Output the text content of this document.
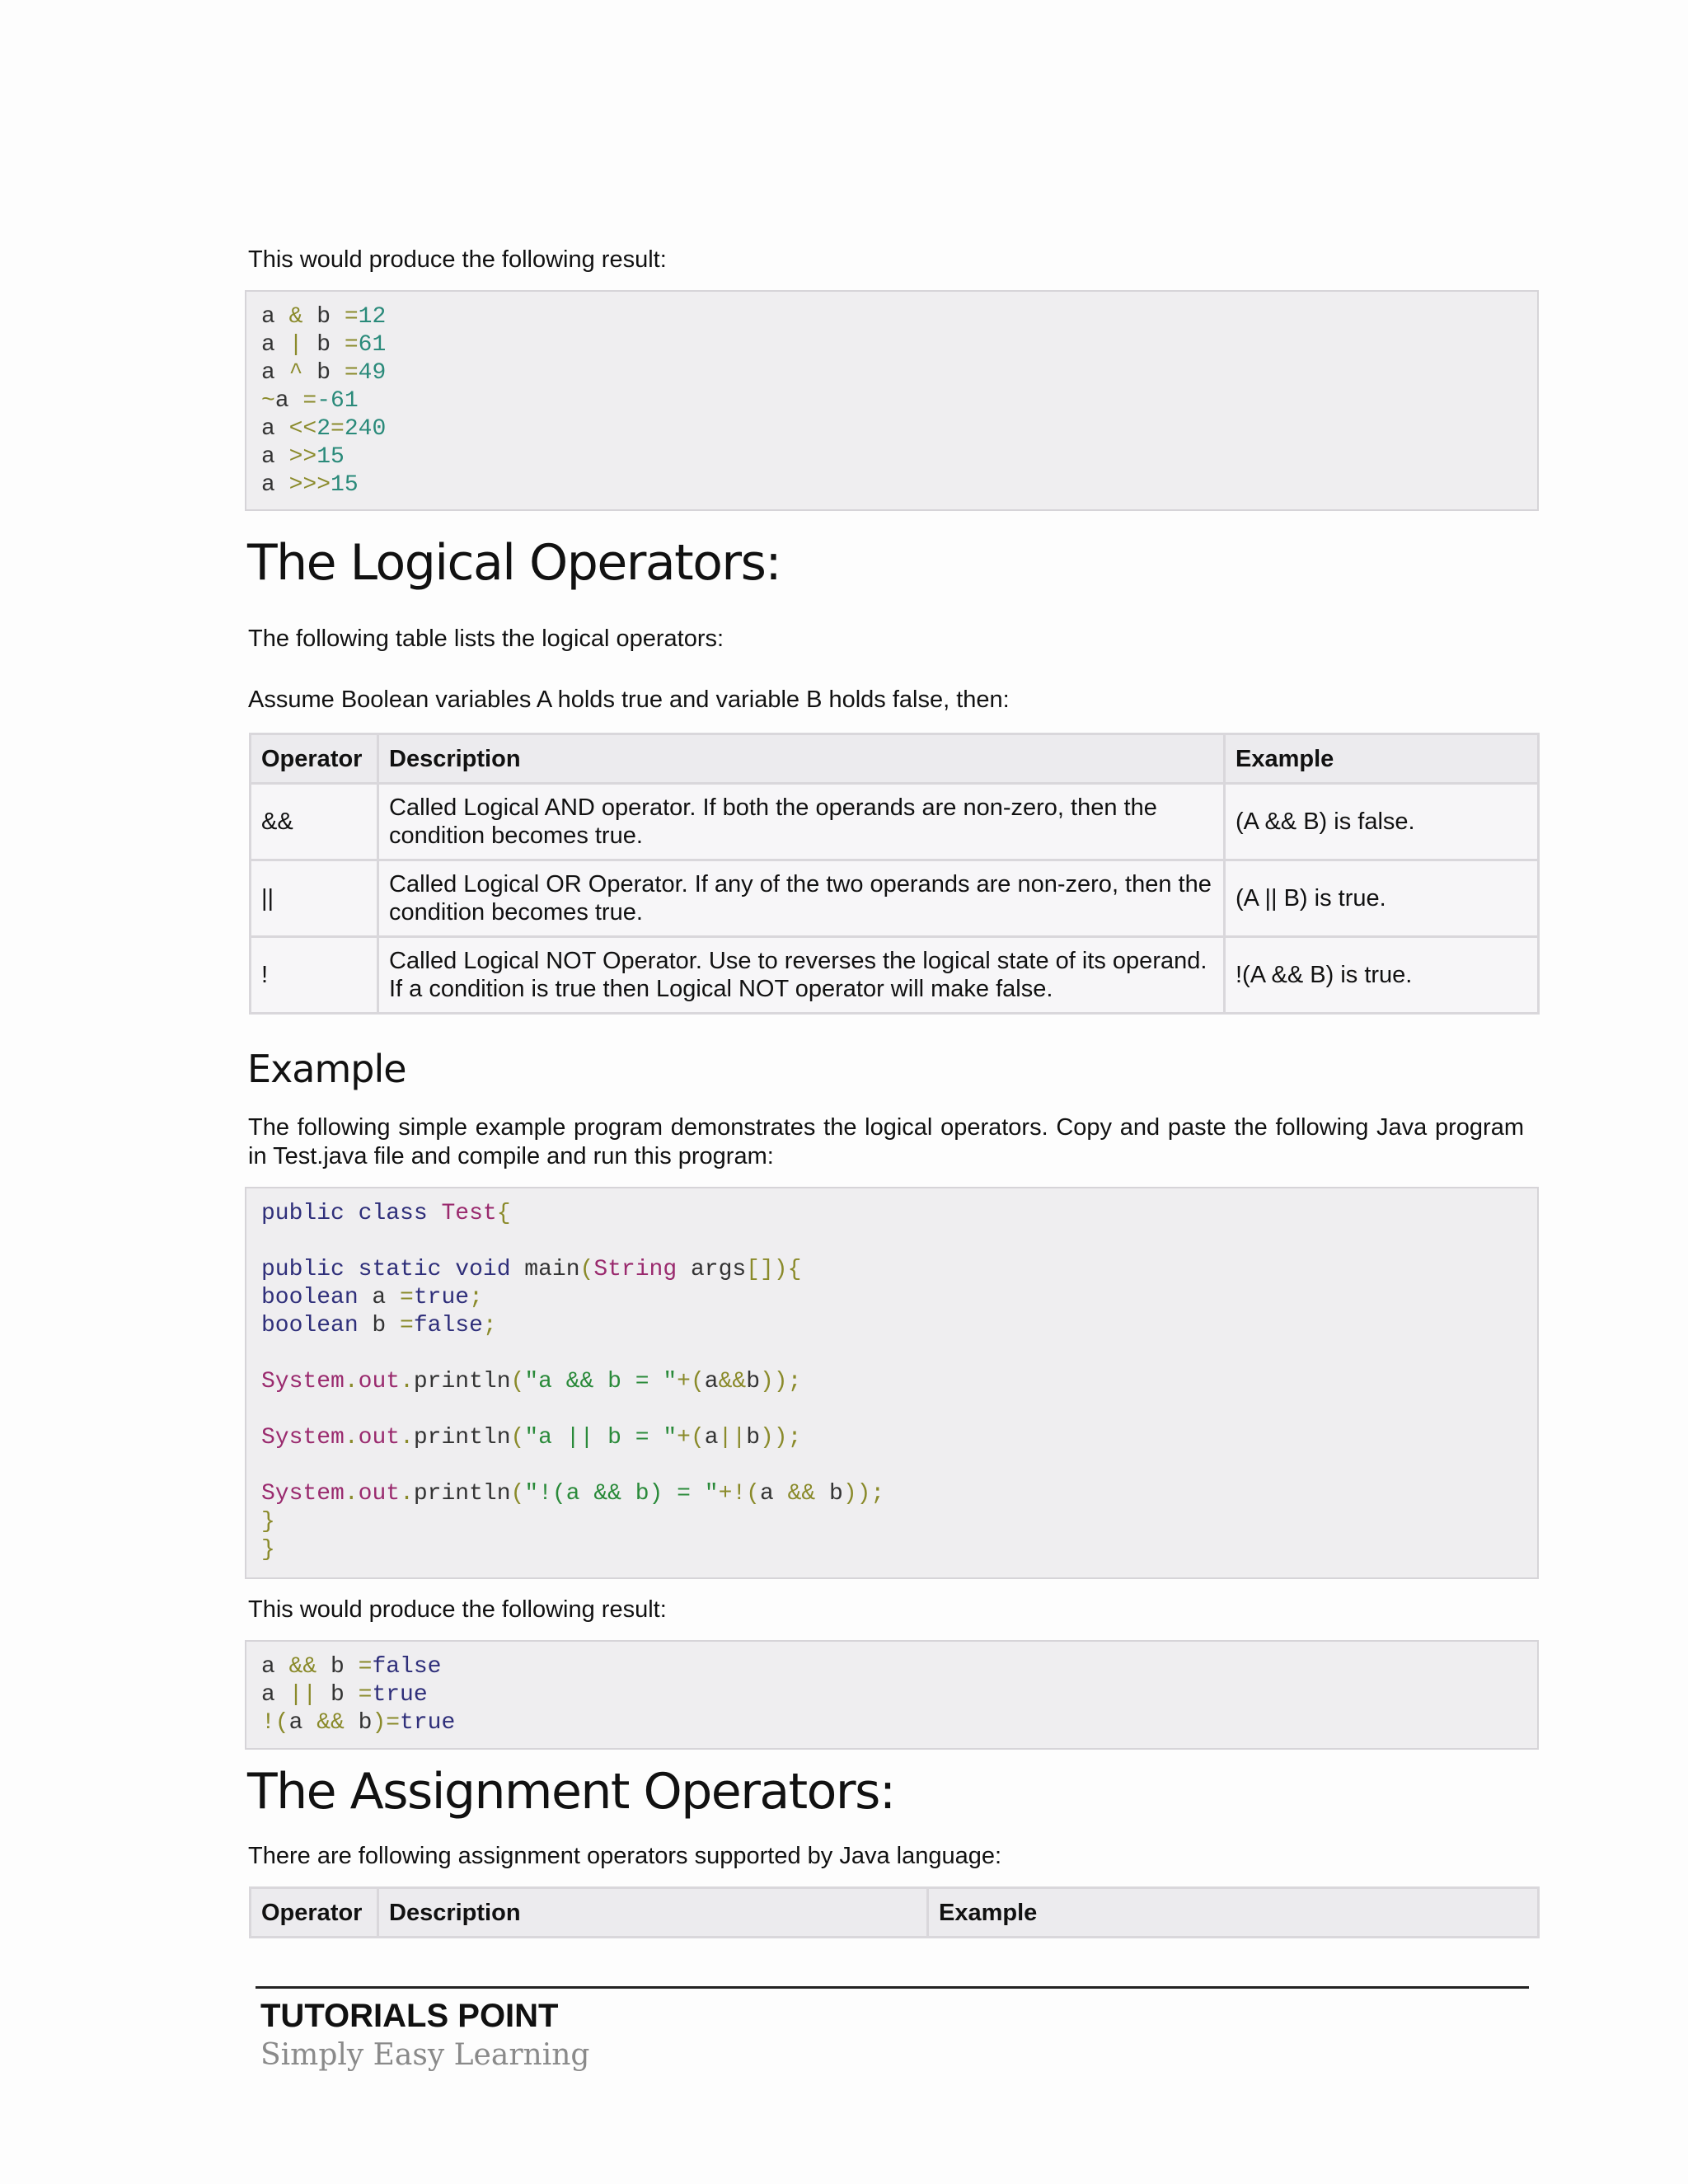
This would produce the following result:

a & b =12
a | b =61
a ^ b =49
~a =-61
a <<2=240
a >>15
a >>>15
The Logical Operators:

The following table lists the logical operators:

Assume Boolean variables A holds true and variable B holds false, then:

Operator	Description	Example
&&	Called Logical AND operator. If both the operands are non-zero, then the condition becomes true.	(A && B) is false.
||	Called Logical OR Operator. If any of the two operands are non-zero, then the condition becomes true.	(A || B) is true.
!	Called Logical NOT Operator. Use to reverses the logical state of its operand. If a condition is true then Logical NOT operator will make false.	!(A && B) is true.
Example

The following simple example program demonstrates the logical operators. Copy and paste the following Java program in Test.java file and compile and run this program:

public class Test{
public static void main(String args[]){
boolean a =true;
boolean b =false;
System.out.println("a && b = "+(a&&b));
System.out.println("a || b = "+(a||b));
System.out.println("!(a && b) = "+!(a && b));
}
}

This would produce the following result:

a && b =false
a || b =true
!(a && b)=true
The Assignment Operators:

There are following assignment operators supported by Java language:

Operator	Description	Example
TUTORIALS POINT
Simply Easy Learning
